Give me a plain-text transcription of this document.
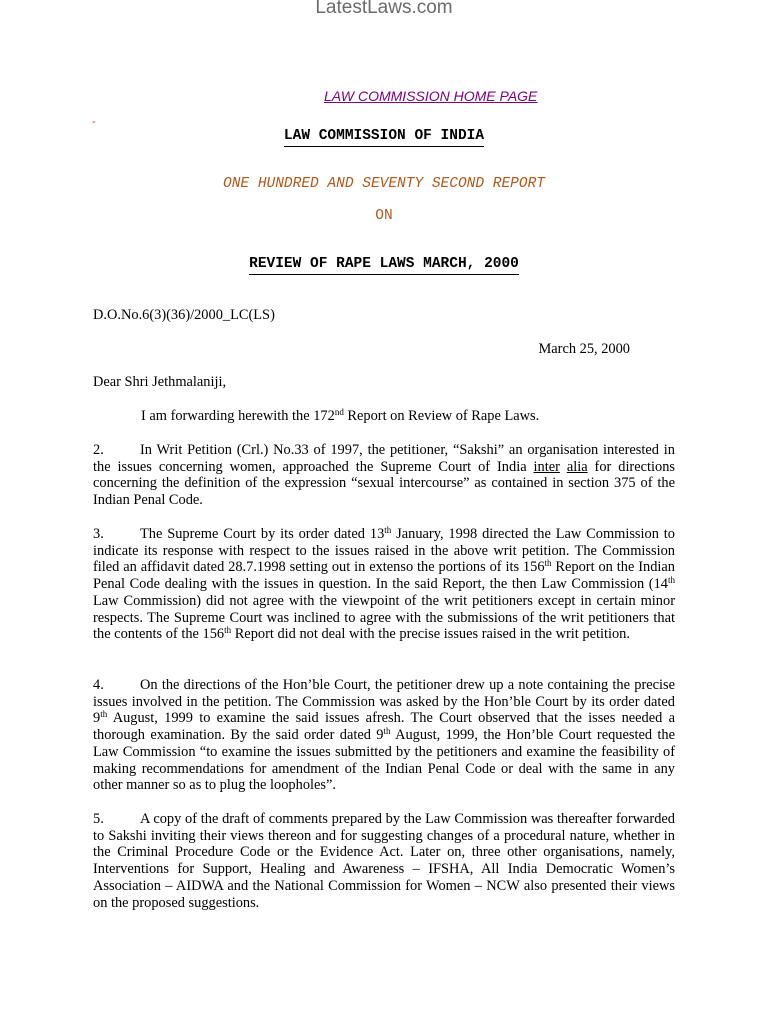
LatestLaws.com
LAW COMMISSION HOME PAGE
-
LAW COMMISSION OF INDIA
ONE HUNDRED AND SEVENTY SECOND REPORT
ON
REVIEW OF RAPE LAWS MARCH, 2000
D.O.No.6(3)(36)/2000_LC(LS)
March 25, 2000
Dear Shri Jethmalaniji,
I am forwarding herewith the 172nd Report on Review of Rape Laws.
2.	In Writ Petition (Crl.) No.33 of 1997, the petitioner, “Sakshi” an organisation interested in the issues concerning women, approached the Supreme Court of India inter alia for directions concerning the definition of the expression “sexual intercourse” as contained in section 375 of the Indian Penal Code.
3.	The Supreme Court by its order dated 13th January, 1998 directed the Law Commission to indicate its response with respect to the issues raised in the above writ petition. The Commission filed an affidavit dated 28.7.1998 setting out in extenso the portions of its 156th Report on the Indian Penal Code dealing with the issues in question. In the said Report, the then Law Commission (14th Law Commission) did not agree with the viewpoint of the writ petitioners except in certain minor respects. The Supreme Court was inclined to agree with the submissions of the writ petitioners that the contents of the 156th Report did not deal with the precise issues raised in the writ petition.
4.	On the directions of the Hon’ble Court, the petitioner drew up a note containing the precise issues involved in the petition. The Commission was asked by the Hon’ble Court by its order dated 9th August, 1999 to examine the said issues afresh. The Court observed that the isses needed a thorough examination. By the said order dated 9th August, 1999, the Hon’ble Court requested the Law Commission “to examine the issues submitted by the petitioners and examine the feasibility of making recommendations for amendment of the Indian Penal Code or deal with the same in any other manner so as to plug the loopholes”.
5.	A copy of the draft of comments prepared by the Law Commission was thereafter forwarded to Sakshi inviting their views thereon and for suggesting changes of a procedural nature, whether in the Criminal Procedure Code or the Evidence Act. Later on, three other organisations, namely, Interventions for Support, Healing and Awareness – IFSHA, All India Democratic Women’s Association – AIDWA and the National Commission for Women – NCW also presented their views on the proposed suggestions.
